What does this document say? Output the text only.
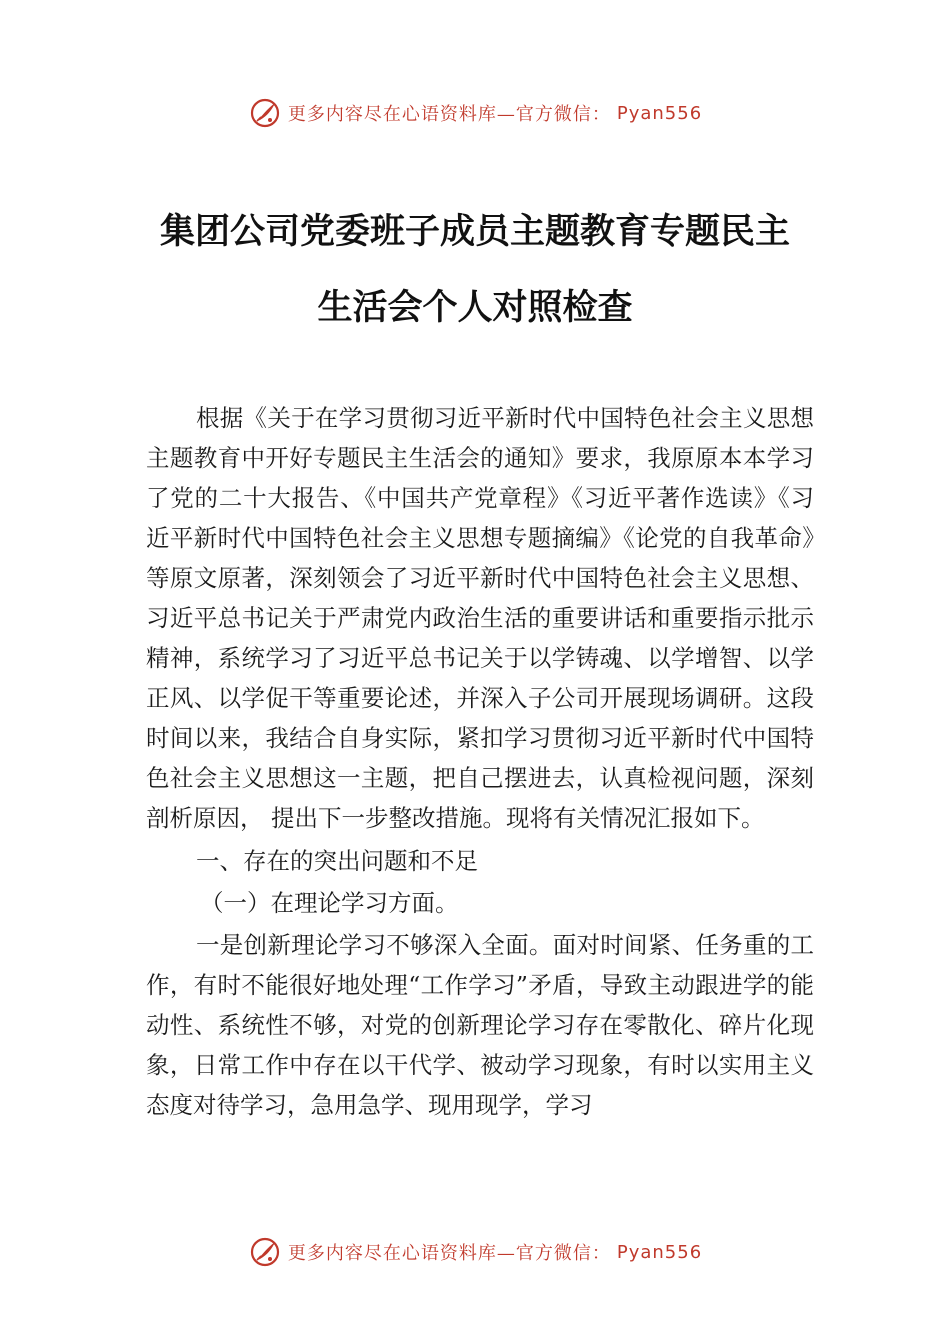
更多内容尽在心语资料库—官方微信： Pyan556
集团公司党委班子成员主题教育专题民主
生活会个人对照检查

根据《关于在学习贯彻习近平新时代中国特色社会主义思想主题教育中开好专题民主生活会的通知》要求，我原原本本学习了党的二十大报告、《中国共产党章程》《习近平著作选读》《习近平新时代中国特色社会主义思想专题摘编》《论党的自我革命》等原文原著，深刻领会了习近平新时代中国特色社会主义思想、习近平总书记关于严肃党内政治生活的重要讲话和重要指示批示精神，系统学习了习近平总书记关于以学铸魂、以学增智、以学正风、以学促干等重要论述，并深入子公司开展现场调研。这段时间以来，我结合自身实际，紧扣学习贯彻习近平新时代中国特色社会主义思想这一主题，把自己摆进去，认真检视问题，深刻剖析原因， 提出下一步整改措施。现将有关情况汇报如下。

一、存在的突出问题和不足

（一）在理论学习方面。

一是创新理论学习不够深入全面。面对时间紧、任务重的工作，有时不能很好地处理“工作学习”矛盾，导致主动跟进学的能动性、系统性不够，对党的创新理论学习存在零散化、碎片化现象，日常工作中存在以干代学、被动学习现象，有时以实用主义态度对待学习，急用急学、现用现学，学习

更多内容尽在心语资料库—官方微信： Pyan556
